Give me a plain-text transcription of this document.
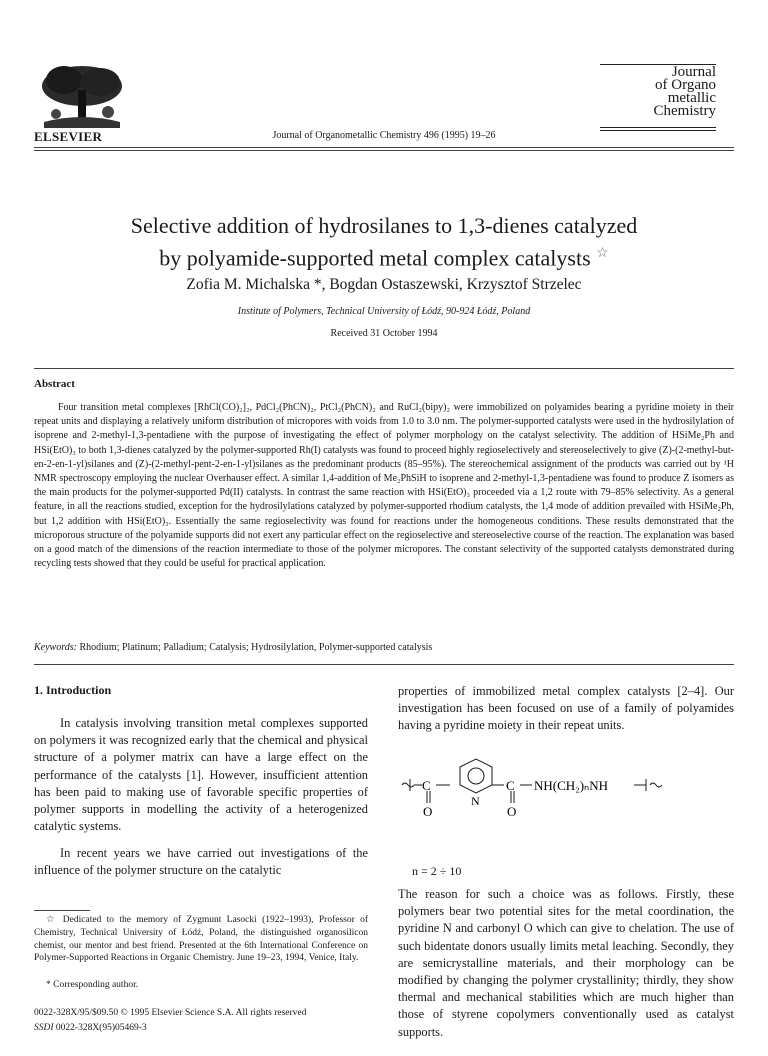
ELSEVIER	Journal of Organometallic Chemistry 496 (1995) 19–26
Journal
of Organo
metallic
Chemistry
Selective addition of hydrosilanes to 1,3-dienes catalyzed
by polyamide-supported metal complex catalysts ☆
Zofia M. Michalska *, Bogdan Ostaszewski, Krzysztof Strzelec
Institute of Polymers, Technical University of Łódź, 90-924 Łódź, Poland
Received 31 October 1994
Abstract
Four transition metal complexes [RhCl(CO)₂]₂, PdCl₂(PhCN)₂, PtCl₂(PhCN)₂ and RuCl₂(bipy)₂ were immobilized on polyamides bearing a pyridine moiety in their repeat units and displaying a relatively uniform distribution of micropores with voids from 1.0 to 3.0 nm. The polymer-supported catalysts were used in the hydrosilylation of isoprene and 2-methyl-1,3-pentadiene with the purpose of investigating the effect of polymer morphology on the catalyst selectivity. The addition of HSiMe₂Ph and HSi(EtO)₃ to both 1,3-dienes catalyzed by the polymer-supported Rh(I) catalysts was found to proceed highly regioselectively and stereoselectively to give (Z)-(2-methyl-but-en-2-en-1-yl)silanes and (Z)-(2-methyl-pent-2-en-1-yl)silanes as the predominant products (85–95%). The stereochemical assignment of the products was carried out by ¹H NMR spectroscopy employing the nuclear Overhauser effect. A similar 1,4-addition of Me₂PhSiH to isoprene and 2-methyl-1,3-pentadiene was found to produce Z isomers as the main products for the polymer-supported Pd(II) catalysts. In contrast the same reaction with HSi(EtO)₃ proceeded via a 1,2 route with 79–85% selectivity. As a general feature, in all the reactions studied, exception for the hydrosilylations catalyzed by polymer-supported rhodium catalysts, the 1,4 mode of addition prevailed with HSiMe₂Ph, but 1,2 addition with HSi(EtO)₃. Essentially the same regioselectivity was found for reactions under the homogeneous conditions. These results demonstrated that the microporous structure of the polyamide supports did not exert any particular effect on the regioselective and stereoselective course of the reaction. The explanation was based on a good match of the dimensions of the reaction intermediate to those of the polymer micropores. The constant selectivity of the supported catalysts demonstrated during recycling tests showed that they could be useful for practical application.
Keywords: Rhodium; Platinum; Palladium; Catalysis; Hydrosilylation, Polymer-supported catalysis
1. Introduction
In catalysis involving transition metal complexes supported on polymers it was recognized early that the chemical and physical structure of a polymer matrix can have a large effect on the performance of the catalysts [1]. However, insufficient attention has been paid to making use of favorable specific properties of polymer supports in modelling the activity of a heterogenized catalytic systems.
In recent years we have carried out investigations of the influence of the polymer structure on the catalytic
☆ Dedicated to the memory of Zygmunt Lasocki (1922–1993), Professor of Chemistry, Technical University of Łódź, Poland, the distinguished organosilicon chemist, our mentor and best friend. Presented at the 6th International Conference on Polymer-Supported Reactions in Organic Chemistry. June 19–23, 1994, Venice, Italy.
* Corresponding author.
0022-328X/95/$09.50 © 1995 Elsevier Science S.A. All rights reserved
SSDI 0022-328X(95)05469-3
properties of immobilized metal complex catalysts [2–4]. Our investigation has been focused on use of a family of polyamides having a pyridine moiety in their repeat units.
C	C
O	O
N
NH(CH₂)ₙNH
n = 2 ÷ 10
The reason for such a choice was as follows. Firstly, these polymers bear two potential sites for the metal coordination, the pyridine N and carbonyl O which can give to chelation. The use of such bidentate donors usually limits metal leaching. Secondly, they are semicrystalline materials, and their morphology can be modified by changing the polymer crystallinity; thirdly, they show thermal and mechanical stabilities which are much higher than those of styrene copolymers conventionally used as catalyst supports.
